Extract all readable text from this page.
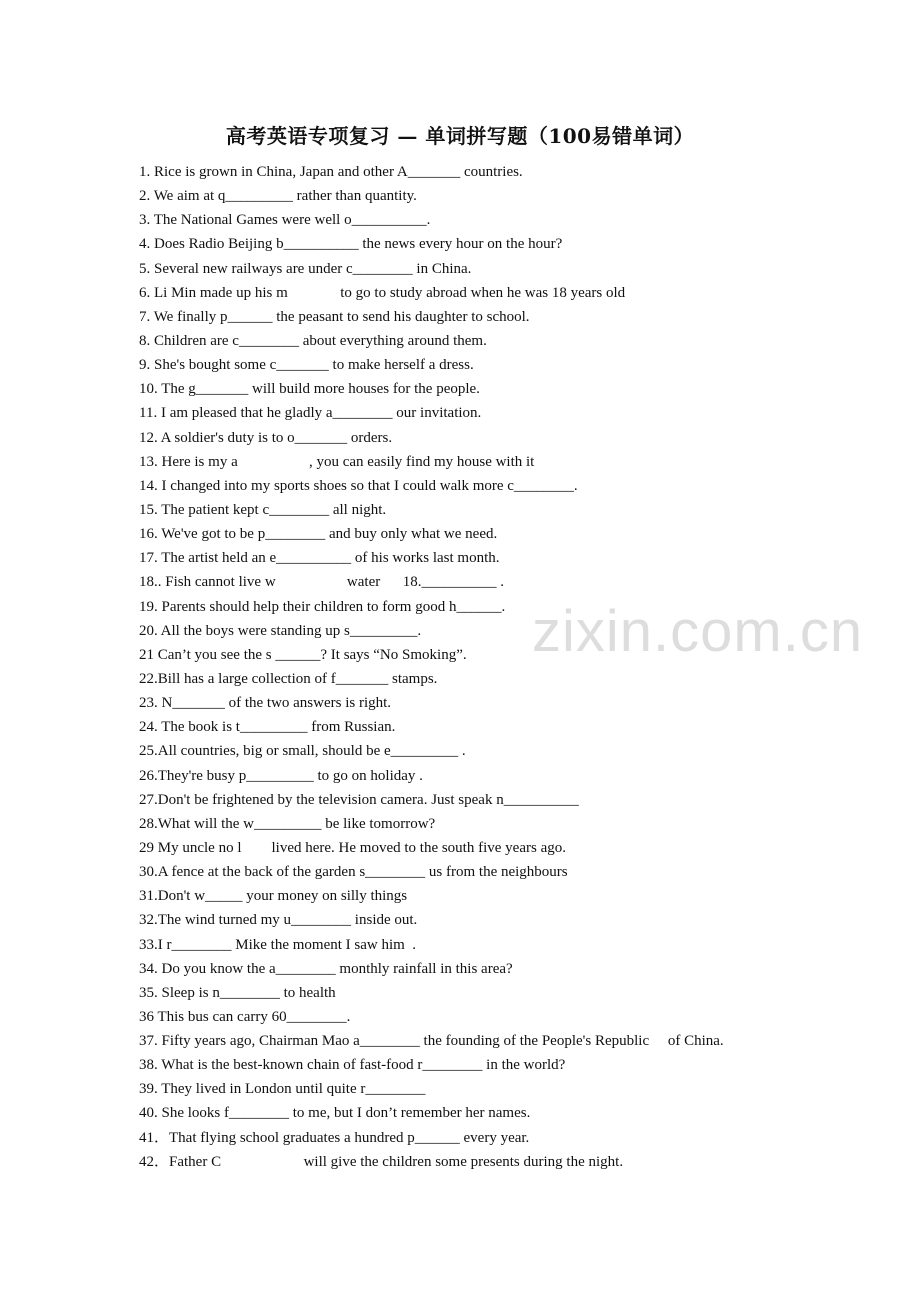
高考英语专项复习 — 单词拼写题（100易错单词）
1. Rice is grown in China, Japan and other A_______ countries.
2. We aim at q_________ rather than quantity.
3. The National Games were well o__________.
4. Does Radio Beijing b__________ the news every hour on the hour?
5. Several new railways are under c________ in China.
6. Li Min made up his m              to go to study abroad when he was 18 years old
7. We finally p______ the peasant to send his daughter to school.
8. Children are c________ about everything around them.
9. She's bought some c_______ to make herself a dress.
10. The g_______ will build more houses for the people.
11. I am pleased that he gladly a________ our invitation.
12. A soldier's duty is to o_______ orders.
13. Here is my a                   , you can easily find my house with it
14. I changed into my sports shoes so that I could walk more c________.
15. The patient kept c________ all night.
16. We've got to be p________ and buy only what we need.
17. The artist held an e__________ of his works last month.
18.. Fish cannot live w                   water      18.__________ .
19. Parents should help their children to form good h______.
20. All the boys were standing up s_________.
21 Can’t you see the s ______? It says “No Smoking”.
22.Bill has a large collection of f_______ stamps.
23. N_______ of the two answers is right.
24. The book is t_________ from Russian.
25.All countries, big or small, should be e_________ .
26.They're busy p_________ to go on holiday .
27.Don't be frightened by the television camera. Just speak n__________
28.What will the w_________ be like tomorrow?
29 My uncle no l        lived here. He moved to the south five years ago.
30.A fence at the back of the garden s________ us from the neighbours
31.Don't w_____ your money on silly things
32.The wind turned my u________ inside out.
33.I r________ Mike the moment I saw him  .
34. Do you know the a________ monthly rainfall in this area?
35. Sleep is n________ to health
36 This bus can carry 60________.
37. Fifty years ago, Chairman Mao a________ the founding of the People's Republic     of China.
38. What is the best-known chain of fast-food r________ in the world?
39. They lived in London until quite r________
40. She looks f________ to me, but I don’t remember her names.
41．That flying school graduates a hundred p______ every year.
42．Father C                      will give the children some presents during the night.
zixin.com.cn
